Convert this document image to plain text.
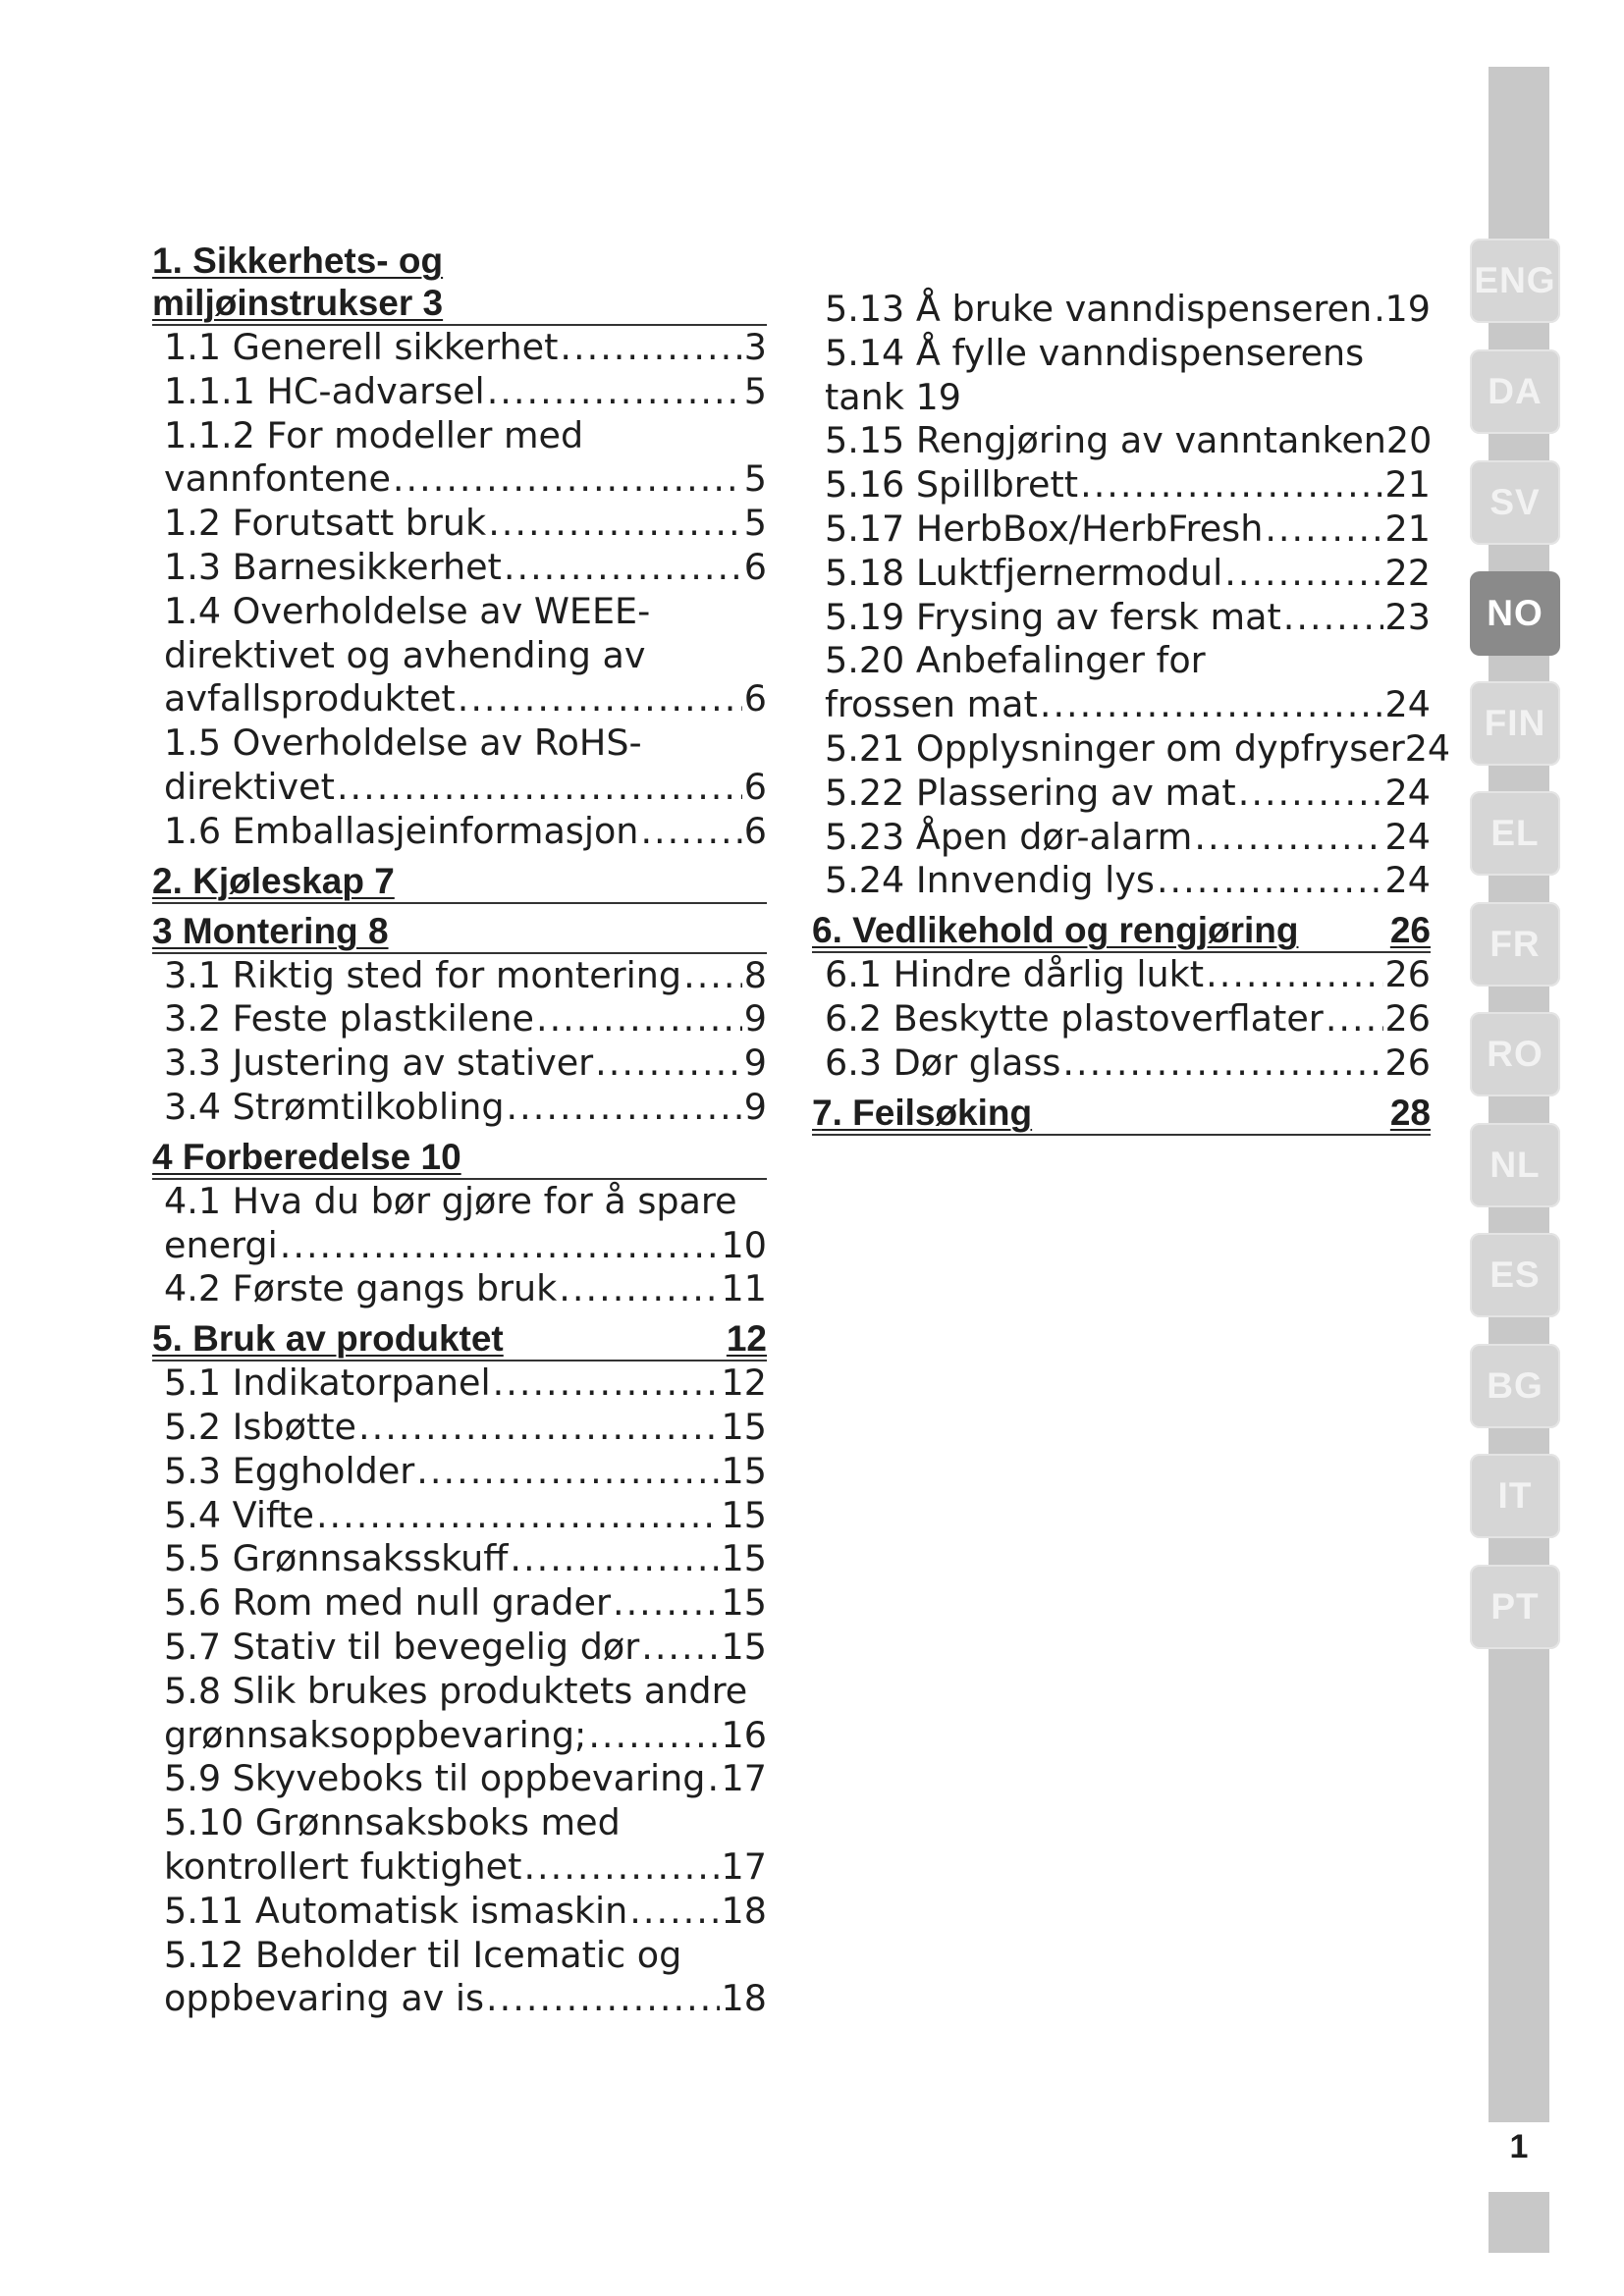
1. Sikkerhets- og
miljøinstrukser 3
1.1 Generell sikkerhet .....	3
1.1.1 HC-advarsel .....	5
1.1.2 For modeller med
vannfontene .....	5
1.2 Forutsatt bruk .....	5
1.3 Barnesikkerhet .....	6
1.4 Overholdelse av WEEE-
direktivet og avhending av
avfallsproduktet .....	6
1.5 Overholdelse av RoHS-
direktivet .....	6
1.6 Emballasjeinformasjon .....	6
2. Kjøleskap 7
3 Montering 8
3.1 Riktig sted for montering ..... 8
3.2 Feste plastkilene .....	9
3.3 Justering av stativer .....	9
3.4 Strømtilkobling .....	9
4 Forberedelse 10
4.1 Hva du bør gjøre for å spare
energi .....	10
4.2 Første gangs bruk .....	11
5. Bruk av produktet	12
5.1 Indikatorpanel .....	12
5.2 Isbøtte .....	15
5.3 Eggholder .....	15
5.4 Vifte .....	15
5.5 Grønnsaksskuff .....	15
5.6 Rom med null grader .....	15
5.7 Stativ til bevegelig dør ..... 15
5.8 Slik brukes produktets andre
grønnsaksoppbevaring; .....	16
5.9 Skyveboks til oppbevaring ..... 17
5.10 Grønnsaksboks med
kontrollert fuktighet .....	17
5.11 Automatisk ismaskin .....	18
5.12 Beholder til Icematic og
oppbevaring av is .....	18
5.13 Å bruke vanndispenseren ..... 19
5.14 Å fylle vanndispenserens
tank 19
5.15 Rengjøring av vanntanken 20
5.16 Spillbrett .....	21
5.17 HerbBox/HerbFresh .....	21
5.18 Luktfjernermodul .....	22
5.19 Frysing av fersk mat .....	23
5.20 Anbefalinger for
frossen mat .....	24
5.21 Opplysninger om dypfryser 24
5.22 Plassering av mat .....	24
5.23 Åpen dør-alarm .....	24
5.24 Innvendig lys .....	24
6. Vedlikehold og rengjøring	26
6.1 Hindre dårlig lukt .....	26
6.2 Beskytte plastoverflater ..... 26
6.3 Dør glass .....	26
7. Feilsøking	28
ENG
DA
SV
NO
FIN
EL
FR
RO
NL
ES
BG
IT
PT
1
